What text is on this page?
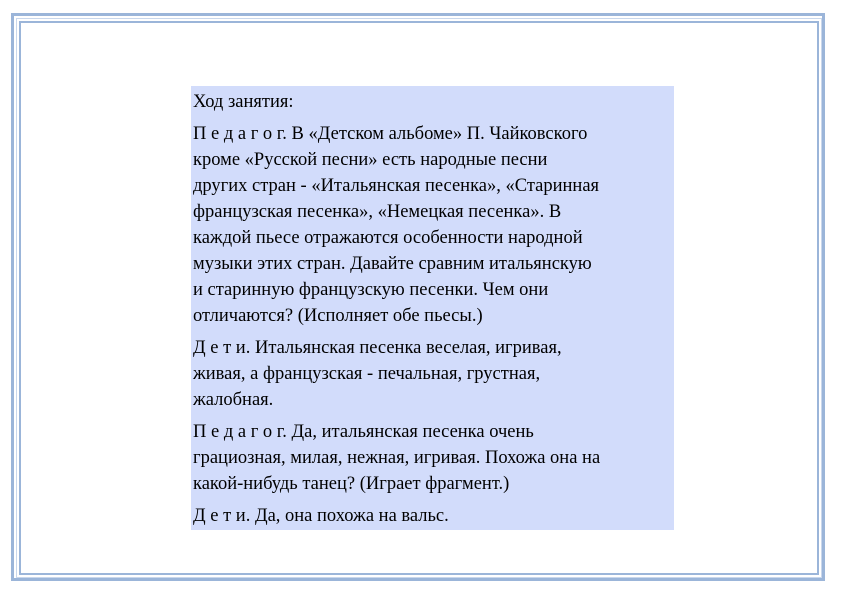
Ход занятия:

П е д а г о г. В «Детском альбоме» П. Чайковского
кроме «Русской песни» есть народные песни
других стран - «Итальянская песенка», «Старинная
французская песенка», «Немецкая песенка». В
каждой пьесе отражаются особенности народной
музыки этих стран. Давайте сравним итальянскую
и старинную французскую песенки. Чем они
отличаются? (Исполняет обе пьесы.)

Д е т и. Итальянская песенка веселая, игривая,
живая, а французская - печальная, грустная,
жалобная.

П е д а г о г. Да, итальянская песенка очень
грациозная, милая, нежная, игривая. Похожа она на
какой-нибудь танец? (Играет фрагмент.)

Д е т и. Да, она похожа на вальс.
